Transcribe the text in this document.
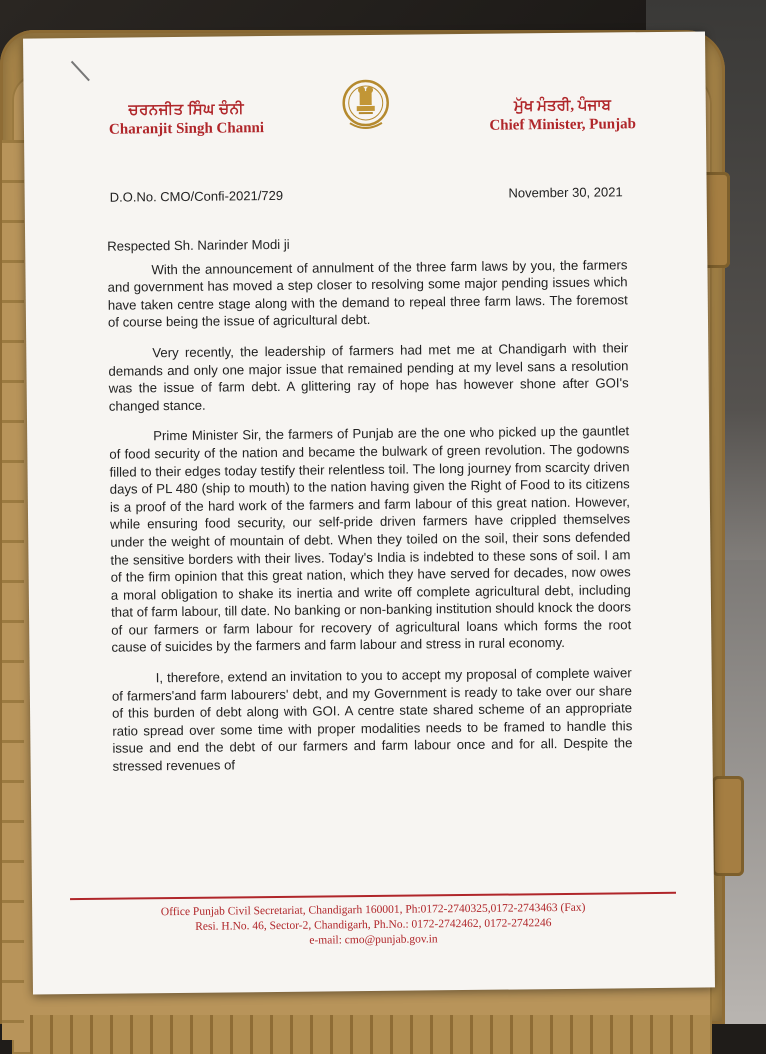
ਚਰਨਜੀਤ ਸਿੰਘ ਚੰਨੀ
Charanjit Singh Channi
ਮੁੱਖ ਮੰਤਰੀ, ਪੰਜਾਬ
Chief Minister, Punjab
D.O.No. CMO/Confi-2021/729	November 30, 2021

Respected Sh. Narinder Modi ji

With the announcement of annulment of the three farm laws by you, the farmers and government has moved a step closer to resolving some major pending issues which have taken centre stage along with the demand to repeal three farm laws. The foremost of course being the issue of agricultural debt.

Very recently, the leadership of farmers had met me at Chandigarh with their demands and only one major issue that remained pending at my level sans a resolution was the issue of farm debt. A glittering ray of hope has however shone after GOI's changed stance.

Prime Minister Sir, the farmers of Punjab are the one who picked up the gauntlet of food security of the nation and became the bulwark of green revolution. The godowns filled to their edges today testify their relentless toil. The long journey from scarcity driven days of PL 480 (ship to mouth) to the nation having given the Right of Food to its citizens is a proof of the hard work of the farmers and farm labour of this great nation. However, while ensuring food security, our self-pride driven farmers have crippled themselves under the weight of mountain of debt. When they toiled on the soil, their sons defended the sensitive borders with their lives. Today's India is indebted to these sons of soil. I am of the firm opinion that this great nation, which they have served for decades, now owes a moral obligation to shake its inertia and write off complete agricultural debt, including that of farm labour, till date. No banking or non-banking institution should knock the doors of our farmers or farm labour for recovery of agricultural loans which forms the root cause of suicides by the farmers and farm labour and stress in rural economy.

I, therefore, extend an invitation to you to accept my proposal of complete waiver of farmers'and farm labourers' debt, and my Government is ready to take over our share of this burden of debt along with GOI. A centre state shared scheme of an appropriate ratio spread over some time with proper modalities needs to be framed to handle this issue and end the debt of our farmers and farm labour once and for all. Despite the stressed revenues of

Office Punjab Civil Secretariat, Chandigarh 160001, Ph:0172-2740325,0172-2743463 (Fax)
Resi. H.No. 46, Sector-2, Chandigarh, Ph.No.: 0172-2742462, 0172-2742246
e-mail: cmo@punjab.gov.in
